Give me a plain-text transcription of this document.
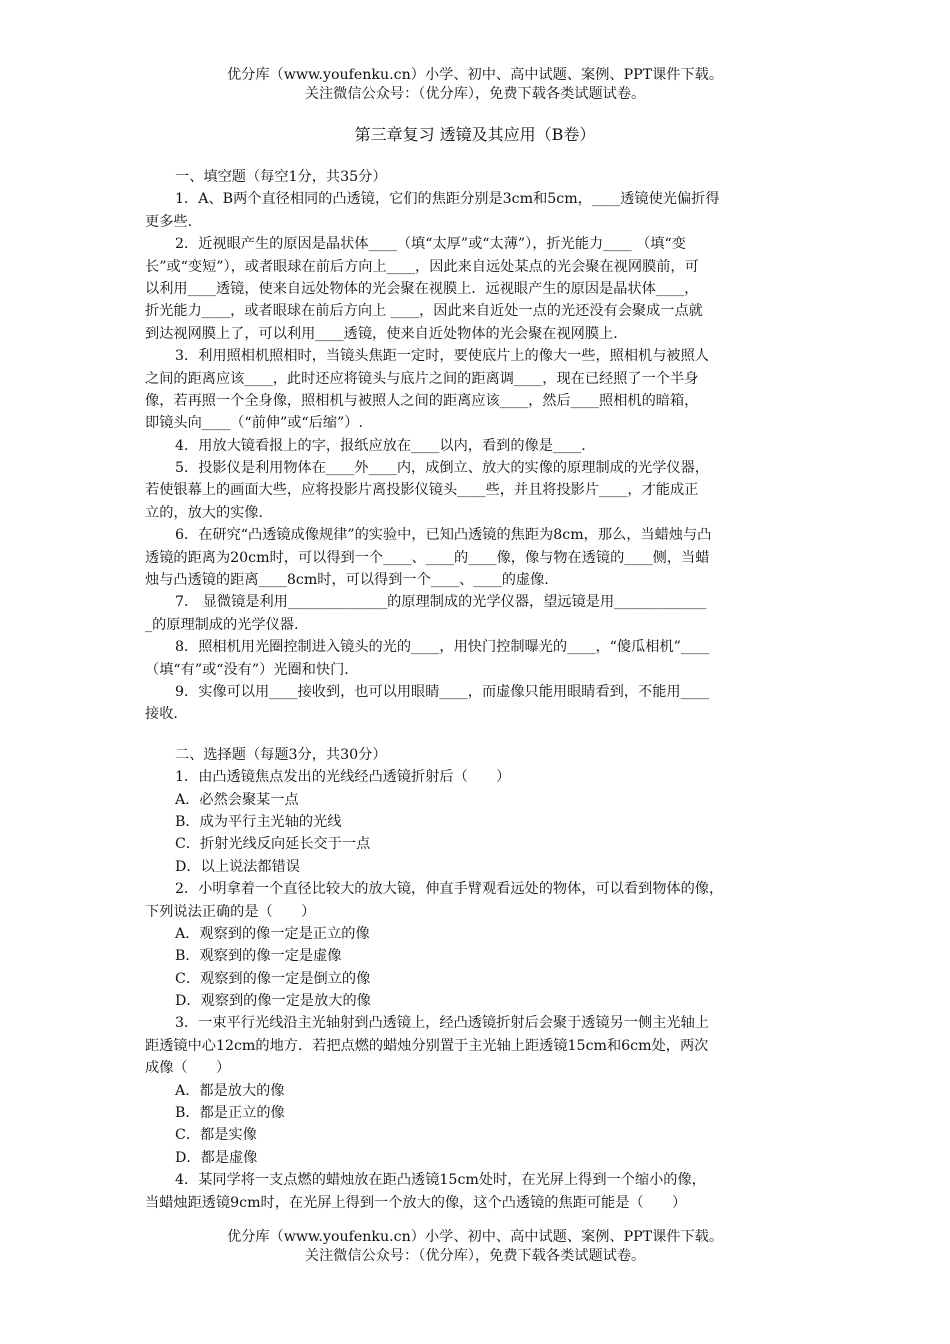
优分库（www.youfenku.cn）小学、初中、高中试题、案例、PPT课件下载。
关注微信公众号：（优分库），免费下载各类试题试卷。
第三章复习 透镜及其应用（B卷）
一、填空题（每空1分，共35分）
1．A、B两个直径相同的凸透镜，它们的焦距分别是3cm和5cm，____透镜使光偏折得
更多些.
2．近视眼产生的原因是晶状体____（填“太厚”或“太薄”），折光能力____ （填“变
长”或“变短”），或者眼球在前后方向上____，因此来自远处某点的光会聚在视网膜前，可
以利用____透镜，使来自远处物体的光会聚在视膜上．远视眼产生的原因是晶状体____，
折光能力____，或者眼球在前后方向上 ____，因此来自近处一点的光还没有会聚成一点就
到达视网膜上了，可以利用____透镜，使来自近处物体的光会聚在视网膜上.
3．利用照相机照相时，当镜头焦距一定时，要使底片上的像大一些，照相机与被照人
之间的距离应该____，此时还应将镜头与底片之间的距离调____，现在已经照了一个半身
像，若再照一个全身像，照相机与被照人之间的距离应该____，然后____照相机的暗箱，
即镜头向____（“前伸”或“后缩”）.
4．用放大镜看报上的字，报纸应放在____以内，看到的像是____.
5．投影仪是利用物体在____外____内，成倒立、放大的实像的原理制成的光学仪器，
若使银幕上的画面大些，应将投影片离投影仪镜头____些，并且将投影片____，才能成正
立的，放大的实像.
6．在研究“凸透镜成像规律”的实验中，已知凸透镜的焦距为8cm，那么，当蜡烛与凸
透镜的距离为20cm时，可以得到一个____、____的____像，像与物在透镜的____侧，当蜡
烛与凸透镜的距离____8cm时，可以得到一个____、____的虚像.
7． 显微镜是利用______________的原理制成的光学仪器，望远镜是用_____________
_的原理制成的光学仪器.
8．照相机用光圈控制进入镜头的光的____，用快门控制曝光的____，“傻瓜相机”____
（填“有”或“没有”）光圈和快门.
9．实像可以用____接收到，也可以用眼睛____，而虚像只能用眼睛看到，不能用____
接收.
二、选择题（每题3分，共30分）
1．由凸透镜焦点发出的光线经凸透镜折射后（　　）
A．必然会聚某一点
B．成为平行主光轴的光线
C．折射光线反向延长交于一点
D．以上说法都错误
2．小明拿着一个直径比较大的放大镜，伸直手臂观看远处的物体，可以看到物体的像，
下列说法正确的是（　　）
A．观察到的像一定是正立的像
B．观察到的像一定是虚像
C．观察到的像一定是倒立的像
D．观察到的像一定是放大的像
3．一束平行光线沿主光轴射到凸透镜上，经凸透镜折射后会聚于透镜另一侧主光轴上
距透镜中心12cm的地方．若把点燃的蜡烛分别置于主光轴上距透镜15cm和6cm处，两次
成像（　　）
A．都是放大的像
B．都是正立的像
C．都是实像
D．都是虚像
4．某同学将一支点燃的蜡烛放在距凸透镜15cm处时，在光屏上得到一个缩小的像，
当蜡烛距透镜9cm时，在光屏上得到一个放大的像，这个凸透镜的焦距可能是（　　）
优分库（www.youfenku.cn）小学、初中、高中试题、案例、PPT课件下载。
关注微信公众号：（优分库），免费下载各类试题试卷。
